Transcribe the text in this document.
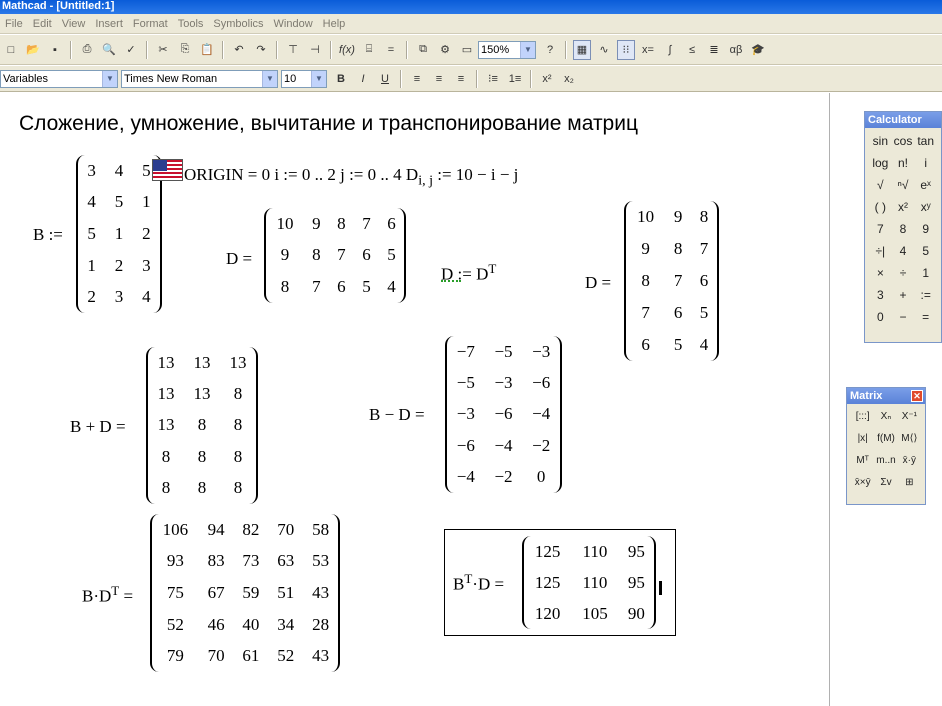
Mathcad - [Untitled:1]
File Edit View Insert Format Tools Symbolics Window Help
□	📂	▪	⎙ 🔍 ✓	✂	⎘ 📋	↶	↷	⊤	⊣	f(x) ⌸	=	⧉	⚙	▭ 150%	▼	?	▦	∿	⁝⁝	x=	∫	≤	≣	αβ 🎓
Variables	▼ Times New Roman	▼ 10	▼ B I U	≡	≡	≡	⁝≡ 1≡ x² x₂
Сложение, умножение, вычитание и транспонирование матриц
B :=
3	4	5
4	5	1
5	1	2
1	2	3
2	3	4
ORIGIN = 0 i := 0 .. 2 j := 0 .. 4 $D_{i, j}$ := 10 − i − j
D =
10	9	8	7	6
9	8	7	6	5
8	7	6	5	4
D := $D^T$
D =
10	9	8
9	8	7
8	7	6
7	6	5
6	5	4
B + D =
13	13	13
13	13	8
13	8	8
8	8	8
8	8	8
B − D =
−7	−5	−3
−5	−3	−6
−3	−6	−4
−6	−4	−2
−4	−2	0
$B\cdot D^T$ =
106	94	82	70	58
93	83	73	63	53
75	67	59	51	43
52	46	40	34	28
79	70	61	52	43
$B^T\cdot D$ =
125	110	95
125	110	95
120	105	90
Calculator
sin cos tan
log n!	i
√	ⁿ√ eˣ
( )	x²	xʸ
7	8	9
÷|	4	5
×	÷	1
3	+	:=
0	−	=
Matrix	✕
[:::]	Xₙ	X⁻¹
|x| f(M) M⟨⟩
Mᵀ m..n x̄·ȳ
x̄×ȳ Σv	⊞
